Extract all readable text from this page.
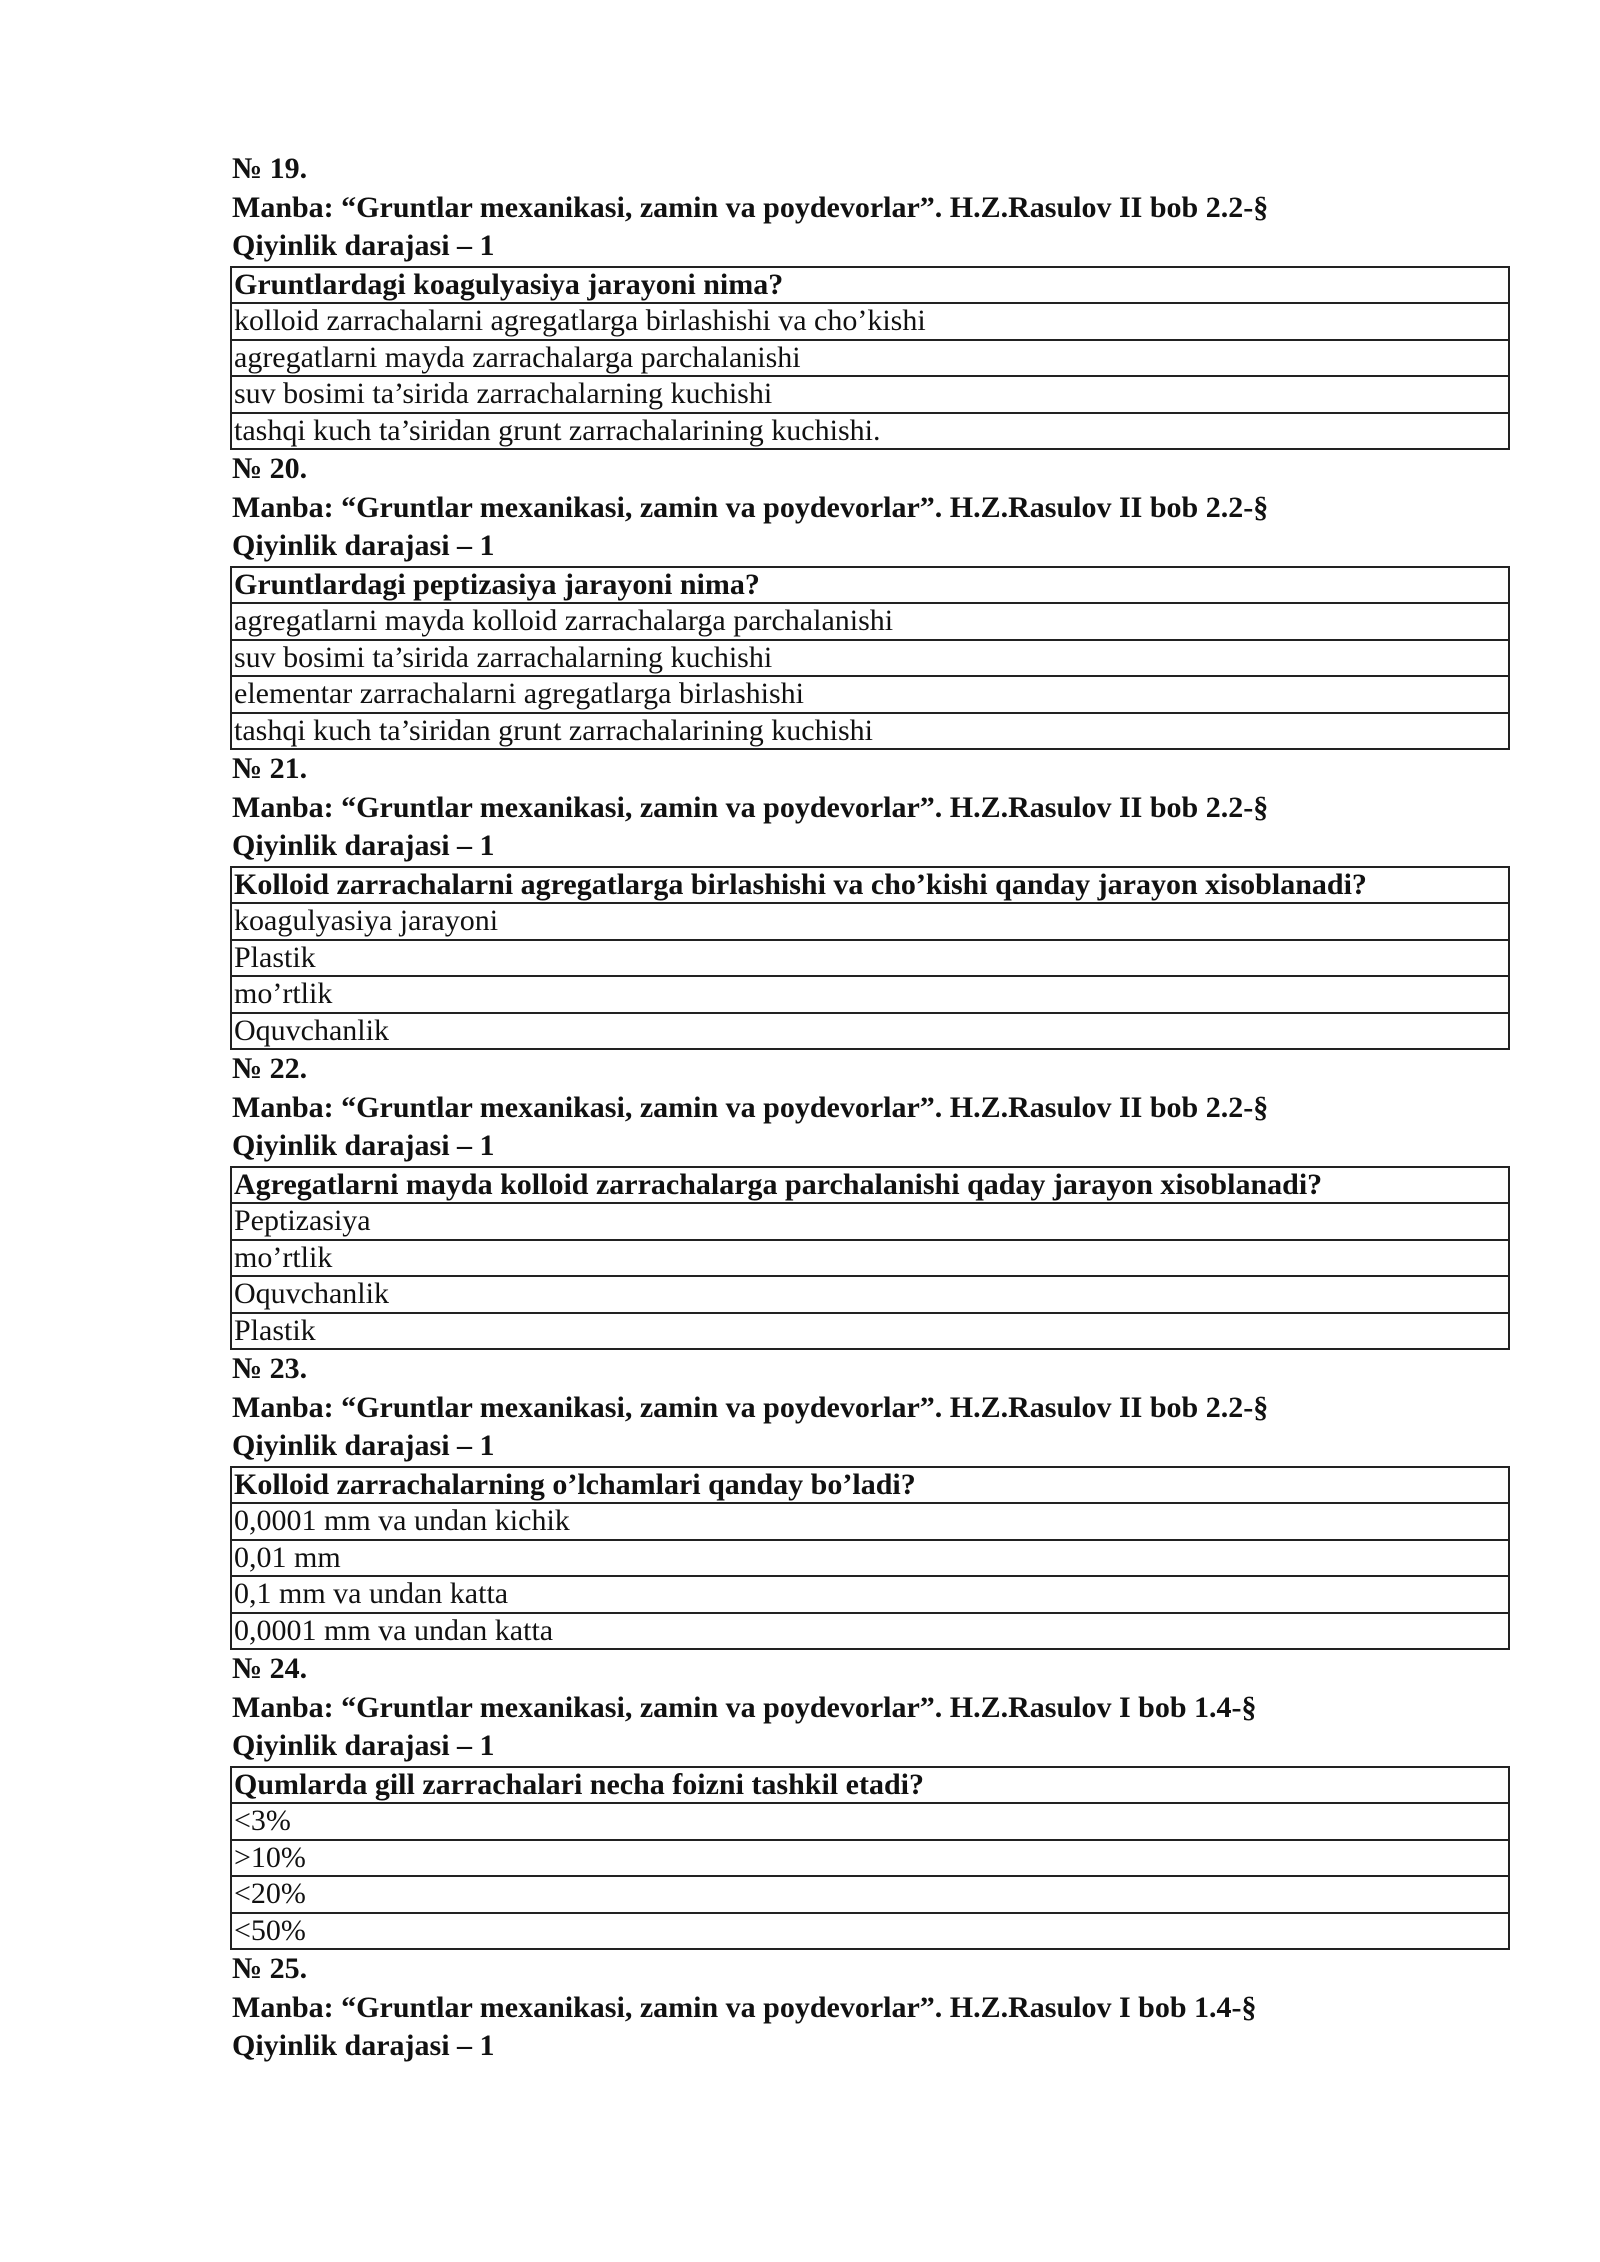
№ 19.
Manba: “Gruntlar mexanikasi, zamin va poydevorlar”. H.Z.Rasulov II bob 2.2-§
Qiyinlik darajasi – 1
Gruntlardagi koagulyasiya jarayoni nima?
kolloid zarrachalarni agregatlarga birlashishi va cho’kishi
agregatlarni mayda zarrachalarga parchalanishi
suv bosimi ta’sirida zarrachalarning kuchishi
tashqi kuch ta’siridan grunt zarrachalarining kuchishi.
№ 20.
Manba: “Gruntlar mexanikasi, zamin va poydevorlar”. H.Z.Rasulov II bob 2.2-§
Qiyinlik darajasi – 1
Gruntlardagi peptizasiya jarayoni nima?
agregatlarni mayda kolloid zarrachalarga parchalanishi
suv bosimi ta’sirida zarrachalarning kuchishi
elementar zarrachalarni agregatlarga birlashishi
tashqi kuch ta’siridan grunt zarrachalarining kuchishi
№ 21.
Manba: “Gruntlar mexanikasi, zamin va poydevorlar”. H.Z.Rasulov II bob 2.2-§
Qiyinlik darajasi – 1
Kolloid zarrachalarni agregatlarga birlashishi va cho’kishi qanday jarayon xisoblanadi?
koagulyasiya jarayoni
Plastik
mo’rtlik
Oquvchanlik
№ 22.
Manba: “Gruntlar mexanikasi, zamin va poydevorlar”. H.Z.Rasulov II bob 2.2-§
Qiyinlik darajasi – 1
Agregatlarni mayda kolloid zarrachalarga parchalanishi qaday jarayon xisoblanadi?
Peptizasiya
mo’rtlik
Oquvchanlik
Plastik
№ 23.
Manba: “Gruntlar mexanikasi, zamin va poydevorlar”. H.Z.Rasulov II bob 2.2-§
Qiyinlik darajasi – 1
Kolloid zarrachalarning o’lchamlari qanday bo’ladi?
0,0001 mm va undan kichik
0,01 mm
0,1 mm va undan katta
0,0001 mm va undan katta
№ 24.
Manba: “Gruntlar mexanikasi, zamin va poydevorlar”. H.Z.Rasulov I bob 1.4-§
Qiyinlik darajasi – 1
Qumlarda gill zarrachalari necha foizni tashkil etadi?
<3%
>10%
<20%
<50%
№ 25.
Manba: “Gruntlar mexanikasi, zamin va poydevorlar”. H.Z.Rasulov I bob 1.4-§
Qiyinlik darajasi – 1
